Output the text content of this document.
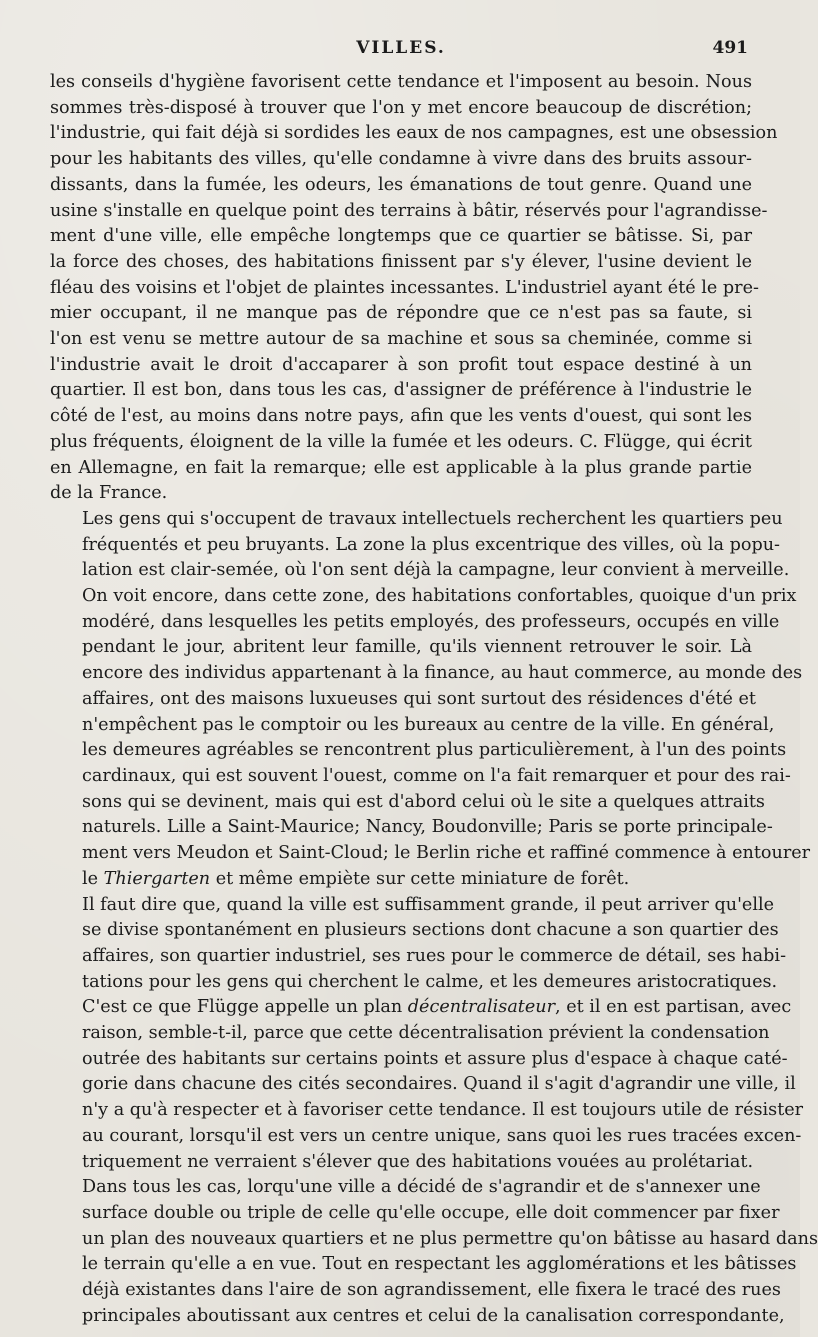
VILLES.	491
les conseils d'hygiène favorisent cette tendance et l'imposent au besoin. Nous
sommes très-disposé à trouver que l'on y met encore beaucoup de discrétion;
l'industrie, qui fait déjà si sordides les eaux de nos campagnes, est une obsession
pour les habitants des villes, qu'elle condamne à vivre dans des bruits assour-
dissants, dans la fumée, les odeurs, les émanations de tout genre. Quand une
usine s'installe en quelque point des terrains à bâtir, réservés pour l'agrandisse-
ment d'une ville, elle empêche longtemps que ce quartier se bâtisse. Si, par
la force des choses, des habitations finissent par s'y élever, l'usine devient le
fléau des voisins et l'objet de plaintes incessantes. L'industriel ayant été le pre-
mier occupant, il ne manque pas de répondre que ce n'est pas sa faute, si
l'on est venu se mettre autour de sa machine et sous sa cheminée, comme si
l'industrie avait le droit d'accaparer à son profit tout espace destiné à un
quartier. Il est bon, dans tous les cas, d'assigner de préférence à l'industrie le
côté de l'est, au moins dans notre pays, afin que les vents d'ouest, qui sont les
plus fréquents, éloignent de la ville la fumée et les odeurs. C. Flügge, qui écrit
en Allemagne, en fait la remarque; elle est applicable à la plus grande partie
de la France.
Les gens qui s'occupent de travaux intellectuels recherchent les quartiers peu
fréquentés et peu bruyants. La zone la plus excentrique des villes, où la popu-
lation est clair-semée, où l'on sent déjà la campagne, leur convient à merveille.
On voit encore, dans cette zone, des habitations confortables, quoique d'un prix
modéré, dans lesquelles les petits employés, des professeurs, occupés en ville
pendant le jour, abritent leur famille, qu'ils viennent retrouver le soir. Là
encore des individus appartenant à la finance, au haut commerce, au monde des
affaires, ont des maisons luxueuses qui sont surtout des résidences d'été et
n'empêchent pas le comptoir ou les bureaux au centre de la ville. En général,
les demeures agréables se rencontrent plus particulièrement, à l'un des points
cardinaux, qui est souvent l'ouest, comme on l'a fait remarquer et pour des rai-
sons qui se devinent, mais qui est d'abord celui où le site a quelques attraits
naturels. Lille a Saint-Maurice; Nancy, Boudonville; Paris se porte principale-
ment vers Meudon et Saint-Cloud; le Berlin riche et raffiné commence à entourer
le Thiergarten et même empiète sur cette miniature de forêt.
Il faut dire que, quand la ville est suffisamment grande, il peut arriver qu'elle
se divise spontanément en plusieurs sections dont chacune a son quartier des
affaires, son quartier industriel, ses rues pour le commerce de détail, ses habi-
tations pour les gens qui cherchent le calme, et les demeures aristocratiques.
C'est ce que Flügge appelle un plan décentralisateur, et il en est partisan, avec
raison, semble-t-il, parce que cette décentralisation prévient la condensation
outrée des habitants sur certains points et assure plus d'espace à chaque caté-
gorie dans chacune des cités secondaires. Quand il s'agit d'agrandir une ville, il
n'y a qu'à respecter et à favoriser cette tendance. Il est toujours utile de résister
au courant, lorsqu'il est vers un centre unique, sans quoi les rues tracées excen-
triquement ne verraient s'élever que des habitations vouées au prolétariat.
Dans tous les cas, lorqu'une ville a décidé de s'agrandir et de s'annexer une
surface double ou triple de celle qu'elle occupe, elle doit commencer par fixer
un plan des nouveaux quartiers et ne plus permettre qu'on bâtisse au hasard dans
le terrain qu'elle a en vue. Tout en respectant les agglomérations et les bâtisses
déjà existantes dans l'aire de son agrandissement, elle fixera le tracé des rues
principales aboutissant aux centres et celui de la canalisation correspondante,
